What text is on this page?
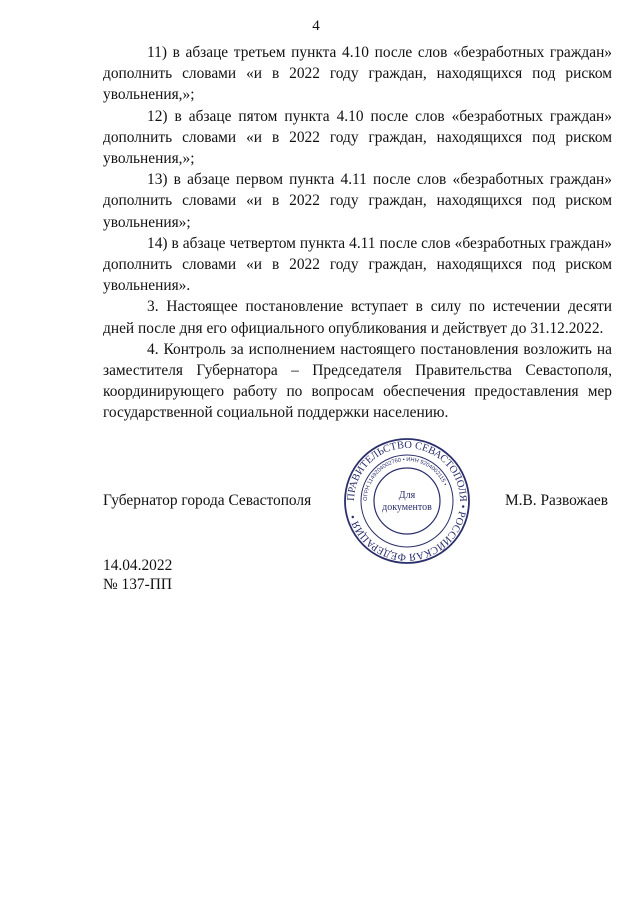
4

11) в абзаце третьем пункта 4.10 после слов «безработных граждан» дополнить словами «и в 2022 году граждан, находящихся под риском увольнения,»;

12) в абзаце пятом пункта 4.10 после слов «безработных граждан» дополнить словами «и в 2022 году граждан, находящихся под риском увольнения,»;

13) в абзаце первом пункта 4.11 после слов «безработных граждан» дополнить словами «и в 2022 году граждан, находящихся под риском увольнения»;

14) в абзаце четвертом пункта 4.11 после слов «безработных граждан» дополнить словами «и в 2022 году граждан, находящихся под риском увольнения».

3. Настоящее постановление вступает в силу по истечении десяти дней после дня его официального опубликования и действует до 31.12.2022.

4. Контроль за исполнением настоящего постановления возложить на заместителя Губернатора – Председателя Правительства Севастополя, координирующего работу по вопросам обеспечения предоставления мер государственной социальной поддержки населению.

Губернатор города Севастополя	ПРАВИТЕЛЬСТВО СЕВАСТОПОЛЯ • РОССИЙСКАЯ ФЕДЕРАЦИЯ •
ОГРН 1149204002760 • ИНН 9204002115 •
Для
документов	М.В. Развожаев
14.04.2022
№ 137-ПП
